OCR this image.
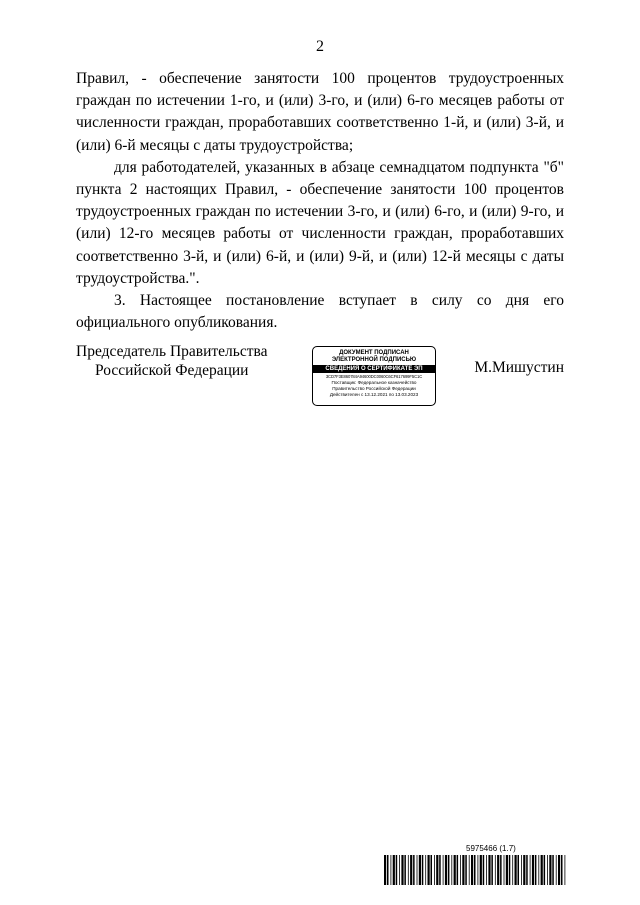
2

Правил, - обеспечение занятости 100 процентов трудоустроенных граждан по истечении 1-го, и (или) 3-го, и (или) 6-го месяцев работы от численности граждан, проработавших соответственно 1-й, и (или) 3-й, и (или) 6-й месяцы с даты трудоустройства;

для работодателей, указанных в абзаце семнадцатом подпункта "б" пункта 2 настоящих Правил, - обеспечение занятости 100 процентов трудоустроенных граждан по истечении 3-го, и (или) 6-го, и (или) 9-го, и (или) 12-го месяцев работы от численности граждан, проработавших соответственно 3-й, и (или) 6-й, и (или) 9-й, и (или) 12-й месяцы с даты трудоустройства.".

3. Настоящее постановление вступает в силу со дня его официального опубликования.

Председатель Правительства
Российской Федерации
ДОКУМЕНТ ПОДПИСАН
ЭЛЕКТРОННОЙ ПОДПИСЬЮ
СВЕДЕНИЯ О СЕРТИФИКАТЕ ЭП
3CD7F3E860784A94600DC0060C6CF617699F5C1C
Поставщик: Федеральное казначейство
Правительство Российской Федерации
Действителен с 13.12.2021 по 13.03.2023
М.Мишустин
5975466 (1.7)
